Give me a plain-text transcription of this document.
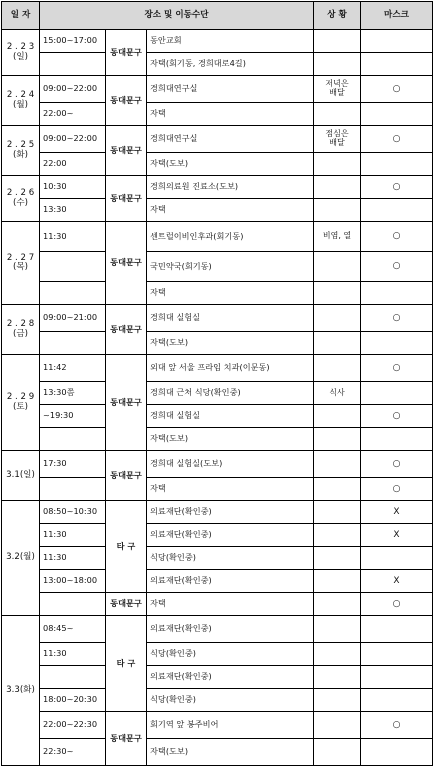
일 자	장소 및 이동수단			상 황	마스크
2 . 2 3
(일)	15:00~17:00	동대문구	동안교회		
			자택(회기동, 경희대로4길)		
2 . 2 4
(월)	09:00~22:00	동대문구	경희대연구실	저녁은
배달	○
	22:00~		자택		
2 . 2 5
(화)	09:00~22:00	동대문구	경희대연구실	점심은
배달	○
	22:00		자택(도보)		
2 . 2 6
(수)	10:30	동대문구	경희의료원 진료소(도보)		○
	13:30		자택		
2 . 2 7
(목)	11:30	동대문구	센트럴이비인후과(회기동)	비염, 열	○
			국민약국(회기동)		○
			자택		
2 . 2 8
(금)	09:00~21:00	동대문구	경희대 실험실		○
			자택(도보)		
2 . 2 9
(토)	11:42	동대문구	외대 앞 서울 프라임 치과(이문동)		○
	13:30쯤		경희대 근처 식당(확인중)	식사	
	~19:30		경희대 실험실		○
			자택(도보)		
3.1(일)	17:30	동대문구	경희대 실험실(도보)		○
			자택		○
3.2(월)	08:50~10:30	타 구	의료재단(확인중)		X
	11:30		의료재단(확인중)		X
	11:30		식당(확인중)		
	13:00~18:00		의료재단(확인중)		X
		동대문구	자택		○
3.3(화)	08:45~	타 구	의료재단(확인중)		
	11:30		식당(확인중)		
			의료재단(확인중)		
	18:00~20:30		식당(확인중)		
	22:00~22:30	동대문구	회기역 앞 봉주비어		○
	22:30~		자택(도보)		
